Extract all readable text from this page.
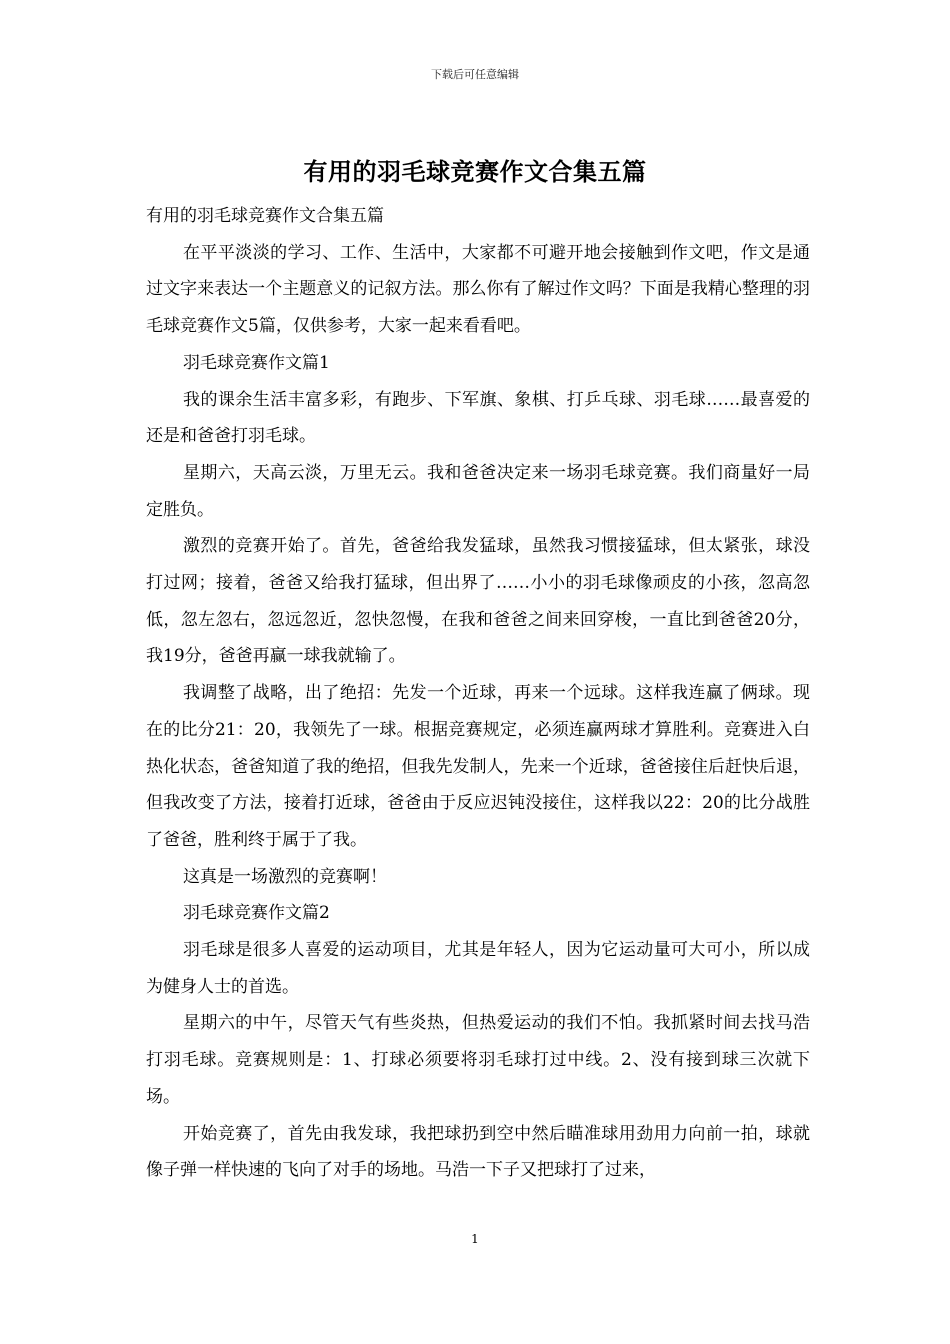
下载后可任意编辑
有用的羽毛球竞赛作文合集五篇

有用的羽毛球竞赛作文合集五篇

在平平淡淡的学习、工作、生活中，大家都不可避开地会接触到作文吧，作文是通过文字来表达一个主题意义的记叙方法。那么你有了解过作文吗？下面是我精心整理的羽毛球竞赛作文5篇，仅供参考，大家一起来看看吧。

羽毛球竞赛作文篇1

我的课余生活丰富多彩，有跑步、下军旗、象棋、打乒乓球、羽毛球……最喜爱的还是和爸爸打羽毛球。

星期六，天高云淡，万里无云。我和爸爸决定来一场羽毛球竞赛。我们商量好一局定胜负。

激烈的竞赛开始了。首先，爸爸给我发猛球，虽然我习惯接猛球，但太紧张，球没打过网；接着，爸爸又给我打猛球，但出界了……小小的羽毛球像顽皮的小孩，忽高忽低，忽左忽右，忽远忽近，忽快忽慢，在我和爸爸之间来回穿梭，一直比到爸爸20分，我19分，爸爸再赢一球我就输了。

我调整了战略，出了绝招：先发一个近球，再来一个远球。这样我连赢了俩球。现在的比分21：20，我领先了一球。根据竞赛规定，必须连赢两球才算胜利。竞赛进入白热化状态，爸爸知道了我的绝招，但我先发制人，先来一个近球，爸爸接住后赶快后退，但我改变了方法，接着打近球，爸爸由于反应迟钝没接住，这样我以22：20的比分战胜了爸爸，胜利终于属于了我。

这真是一场激烈的竞赛啊！

羽毛球竞赛作文篇2

羽毛球是很多人喜爱的运动项目，尤其是年轻人，因为它运动量可大可小，所以成为健身人士的首选。

星期六的中午，尽管天气有些炎热，但热爱运动的我们不怕。我抓紧时间去找马浩打羽毛球。竞赛规则是：1、打球必须要将羽毛球打过中线。2、没有接到球三次就下场。

开始竞赛了，首先由我发球，我把球扔到空中然后瞄准球用劲用力向前一拍，球就像子弹一样快速的飞向了对手的场地。马浩一下子又把球打了过来，

1
